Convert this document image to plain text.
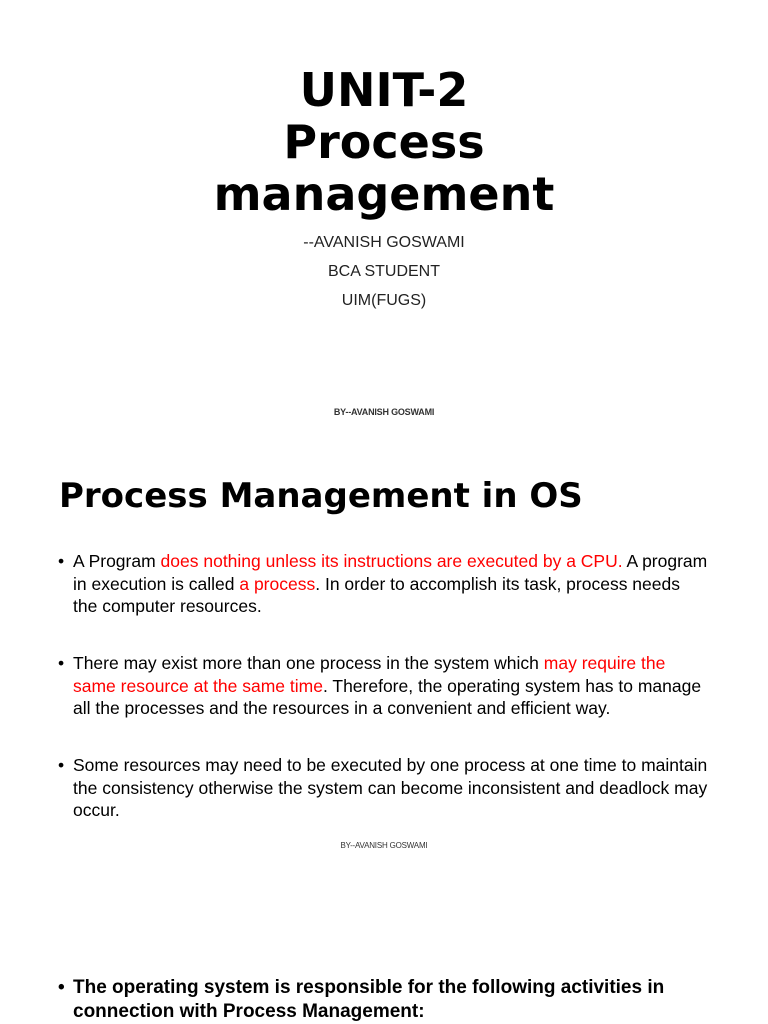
UNIT-2
Process
management
--AVANISH GOSWAMI
BCA STUDENT
UIM(FUGS)
BY--AVANISH GOSWAMI
Process Management in OS
• A Program does nothing unless its instructions are executed by a CPU. A program in execution is called a process. In order to accomplish its task, process needs the computer resources.
• There may exist more than one process in the system which may require the same resource at the same time. Therefore, the operating system has to manage all the processes and the resources in a convenient and efficient way.
• Some resources may need to be executed by one process at one time to maintain the consistency otherwise the system can become inconsistent and deadlock may occur.
BY--AVANISH GOSWAMI
• The operating system is responsible for the following activities in connection with Process Management:
